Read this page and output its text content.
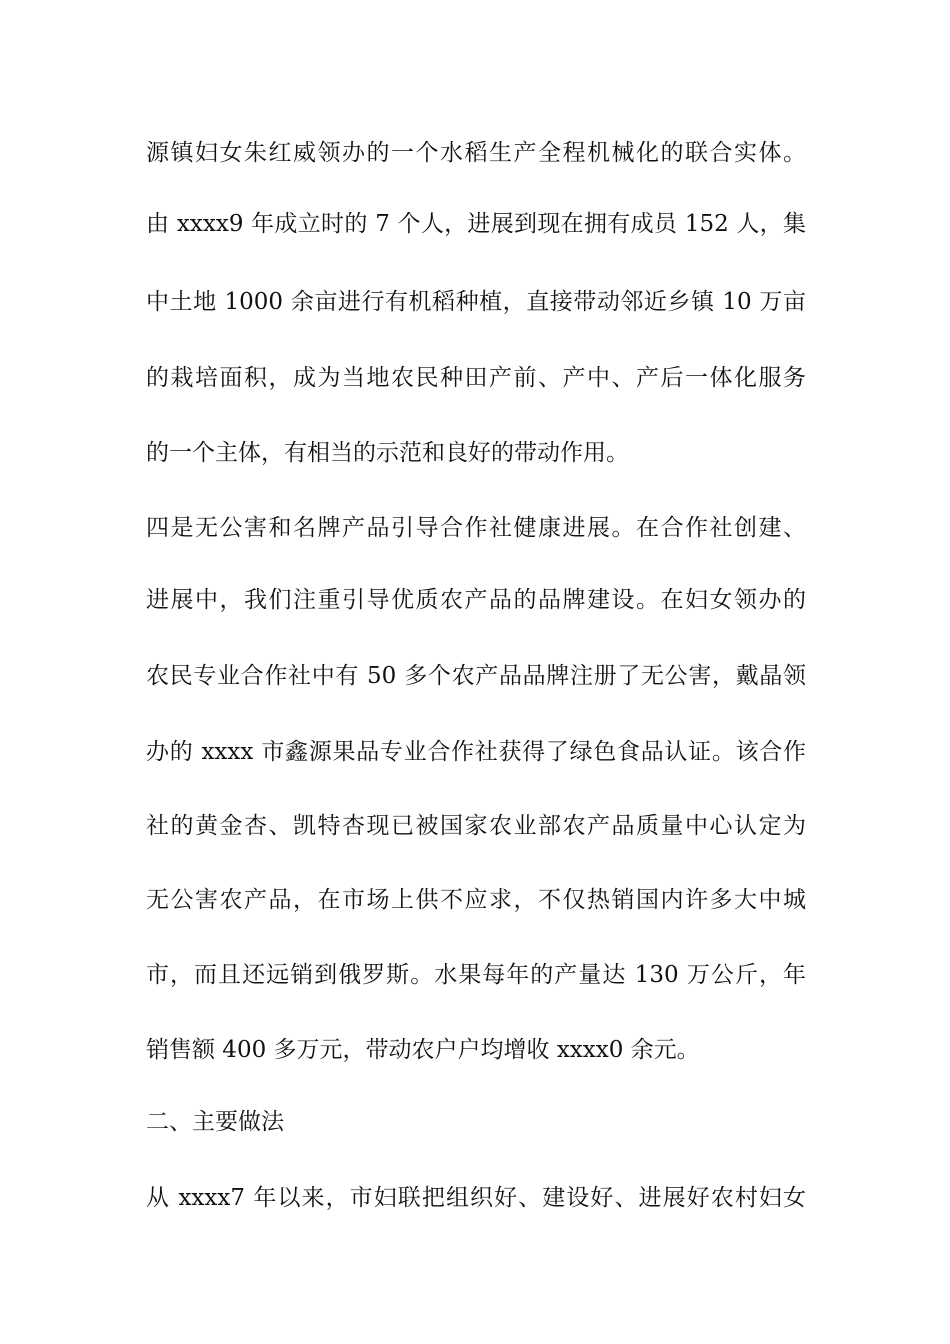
源镇妇女朱红威领办的一个水稻生产全程机械化的联合实体。
由 xxxx9 年成立时的 7 个人，进展到现在拥有成员 152 人，集
中土地 1000 余亩进行有机稻种植，直接带动邻近乡镇 10 万亩
的栽培面积，成为当地农民种田产前、产中、产后一体化服务
的一个主体，有相当的示范和良好的带动作用。
四是无公害和名牌产品引导合作社健康进展。在合作社创建、
进展中，我们注重引导优质农产品的品牌建设。在妇女领办的
农民专业合作社中有 50 多个农产品品牌注册了无公害，戴晶领
办的 xxxx 市鑫源果品专业合作社获得了绿色食品认证。该合作
社的黄金杏、凯特杏现已被国家农业部农产品质量中心认定为
无公害农产品，在市场上供不应求，不仅热销国内许多大中城
市，而且还远销到俄罗斯。水果每年的产量达 130 万公斤，年
销售额 400 多万元，带动农户户均增收 xxxx0 余元。
二、主要做法
从 xxxx7 年以来，市妇联把组织好、建设好、进展好农村妇女
